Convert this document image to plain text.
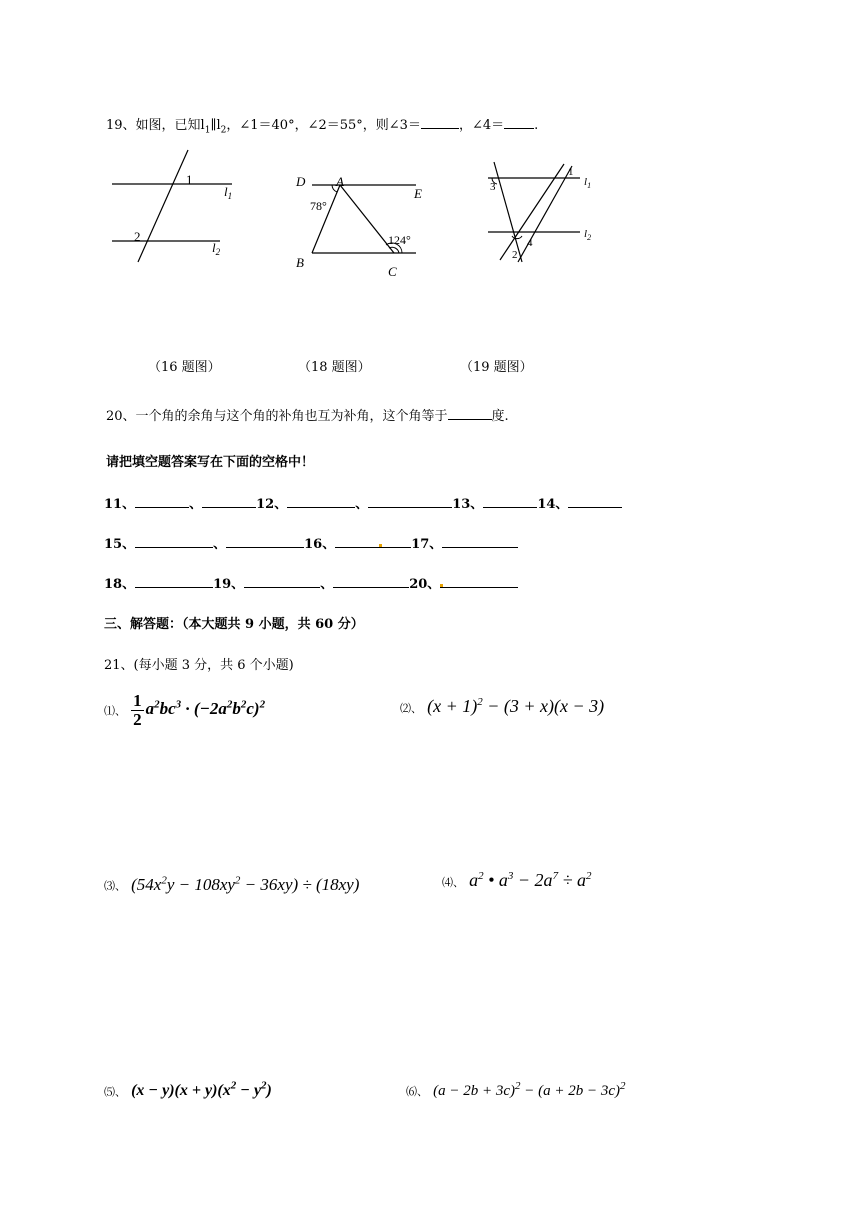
19、如图，已知$l_1\parallel l_2$，∠1＝40°，∠2＝55°，则∠3＝	，∠4＝ .
1
2
$l_1$
$l_2$
D A
E
B
C
78°
124°
1
2
3
4
$l_1$
$l_2$
（16 题图）	（18 题图）	（19 题图）
20、一个角的余角与这个角的补角也互为补角，这个角等于	度.
请把填空题答案写在下面的空格中！
11、	、	12、	、	13、	14、
15、	、	16、	17、
18、	19、	、	20、
三、解答题：（本大题共 9 小题，共 60 分）
21、(每小题 3 分，共 6 个小题)
⑴、 $\frac{1}{2} a^2bc^3 \cdot (-2a^2b^2c)^2$	⑵、 $(x + 1)^2 - (3 + x)(x - 3)$
⑶、 $(54x^2y - 108xy^2 - 36xy) \div (18xy)$	⑷、 $a^2$ • $a^3 - 2a^7 \div a^2$
⑸、 $(x - y)(x + y)(x^2 - y^2)$	⑹、 $(a - 2b + 3c)^2 - (a + 2b - 3c)^2$
